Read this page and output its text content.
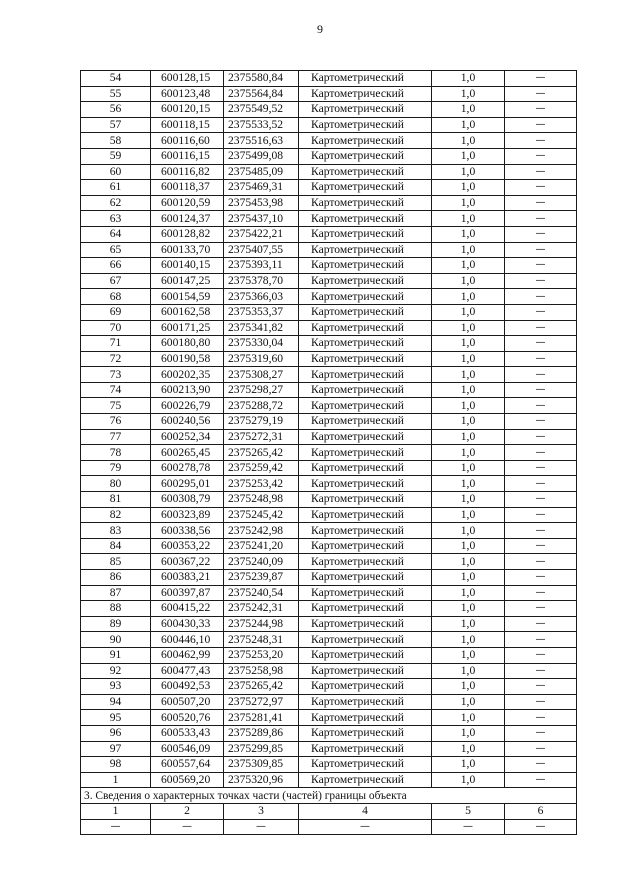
9
54	600128,15	2375580,84	Картометрический	1,0	—
55	600123,48	2375564,84	Картометрический	1,0	—
56	600120,15	2375549,52	Картометрический	1,0	—
57	600118,15	2375533,52	Картометрический	1,0	—
58	600116,60	2375516,63	Картометрический	1,0	—
59	600116,15	2375499,08	Картометрический	1,0	—
60	600116,82	2375485,09	Картометрический	1,0	—
61	600118,37	2375469,31	Картометрический	1,0	—
62	600120,59	2375453,98	Картометрический	1,0	—
63	600124,37	2375437,10	Картометрический	1,0	—
64	600128,82	2375422,21	Картометрический	1,0	—
65	600133,70	2375407,55	Картометрический	1,0	—
66	600140,15	2375393,11	Картометрический	1,0	—
67	600147,25	2375378,70	Картометрический	1,0	—
68	600154,59	2375366,03	Картометрический	1,0	—
69	600162,58	2375353,37	Картометрический	1,0	—
70	600171,25	2375341,82	Картометрический	1,0	—
71	600180,80	2375330,04	Картометрический	1,0	—
72	600190,58	2375319,60	Картометрический	1,0	—
73	600202,35	2375308,27	Картометрический	1,0	—
74	600213,90	2375298,27	Картометрический	1,0	—
75	600226,79	2375288,72	Картометрический	1,0	—
76	600240,56	2375279,19	Картометрический	1,0	—
77	600252,34	2375272,31	Картометрический	1,0	—
78	600265,45	2375265,42	Картометрический	1,0	—
79	600278,78	2375259,42	Картометрический	1,0	—
80	600295,01	2375253,42	Картометрический	1,0	—
81	600308,79	2375248,98	Картометрический	1,0	—
82	600323,89	2375245,42	Картометрический	1,0	—
83	600338,56	2375242,98	Картометрический	1,0	—
84	600353,22	2375241,20	Картометрический	1,0	—
85	600367,22	2375240,09	Картометрический	1,0	—
86	600383,21	2375239,87	Картометрический	1,0	—
87	600397,87	2375240,54	Картометрический	1,0	—
88	600415,22	2375242,31	Картометрический	1,0	—
89	600430,33	2375244,98	Картометрический	1,0	—
90	600446,10	2375248,31	Картометрический	1,0	—
91	600462,99	2375253,20	Картометрический	1,0	—
92	600477,43	2375258,98	Картометрический	1,0	—
93	600492,53	2375265,42	Картометрический	1,0	—
94	600507,20	2375272,97	Картометрический	1,0	—
95	600520,76	2375281,41	Картометрический	1,0	—
96	600533,43	2375289,86	Картометрический	1,0	—
97	600546,09	2375299,85	Картометрический	1,0	—
98	600557,64	2375309,85	Картометрический	1,0	—
1	600569,20	2375320,96	Картометрический	1,0	—
3. Сведения о характерных точках части (частей) границы объекта					
1	2	3	4	5	6
—	—	—	—	—	—
